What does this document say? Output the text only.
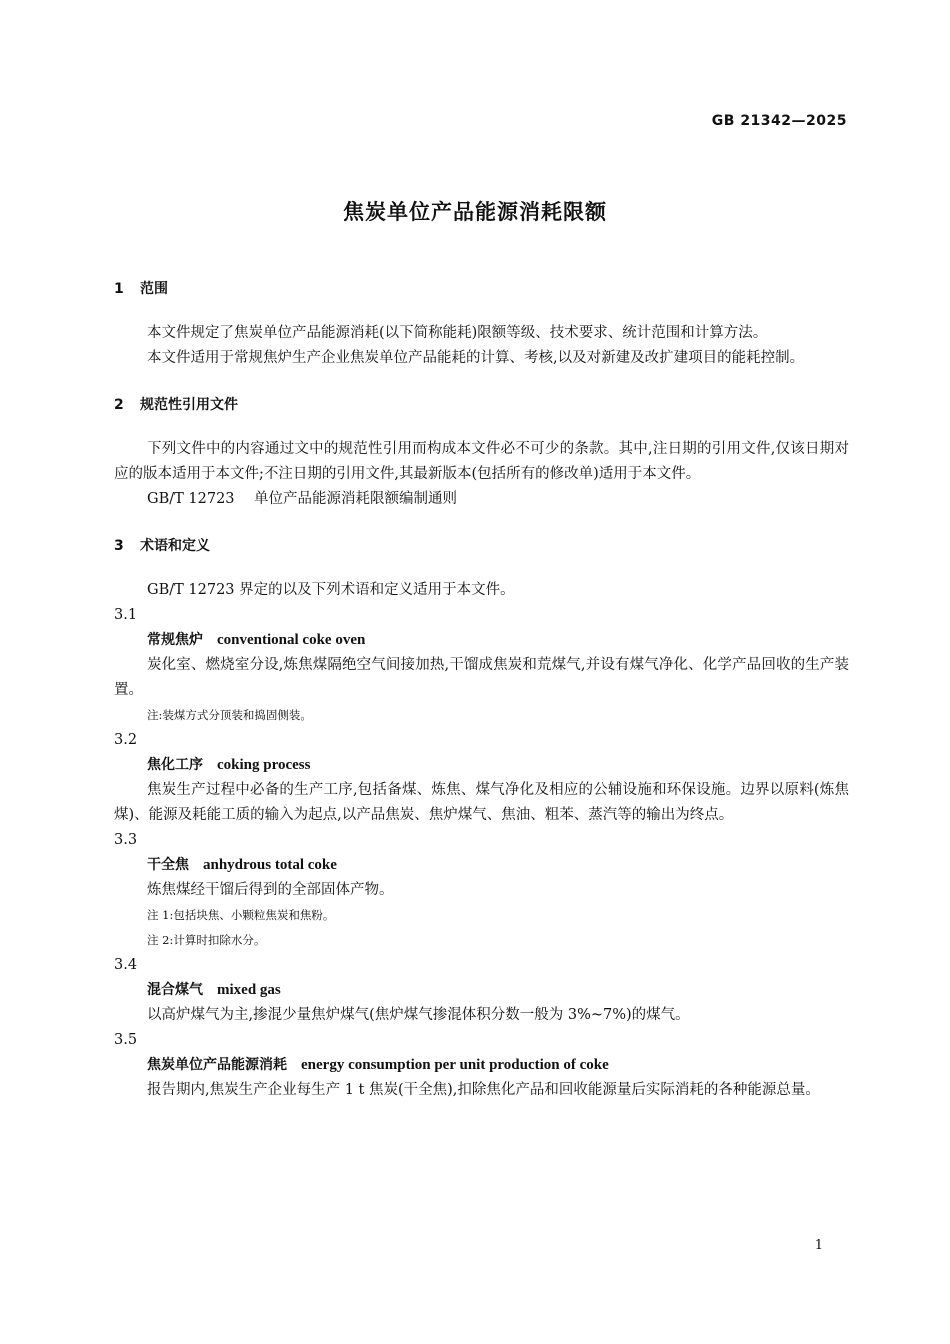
GB 21342—2025
焦炭单位产品能源消耗限额
1 范围

本文件规定了焦炭单位产品能源消耗(以下简称能耗)限额等级、技术要求、统计范围和计算方法。

本文件适用于常规焦炉生产企业焦炭单位产品能耗的计算、考核,以及对新建及改扩建项目的能耗控制。

2 规范性引用文件

下列文件中的内容通过文中的规范性引用而构成本文件必不可少的条款。其中,注日期的引用文件,仅该日期对应的版本适用于本文件;不注日期的引用文件,其最新版本(包括所有的修改单)适用于本文件。

GB/T 12723 单位产品能源消耗限额编制通则
3 术语和定义

GB/T 12723 界定的以及下列术语和定义适用于本文件。

3.1
常规焦炉 conventional coke oven

炭化室、燃烧室分设,炼焦煤隔绝空气间接加热,干馏成焦炭和荒煤气,并设有煤气净化、化学产品回收的生产装置。

注:装煤方式分顶装和捣固侧装。
3.2
焦化工序 coking process

焦炭生产过程中必备的生产工序,包括备煤、炼焦、煤气净化及相应的公辅设施和环保设施。边界以原料(炼焦煤)、能源及耗能工质的输入为起点,以产品焦炭、焦炉煤气、焦油、粗苯、蒸汽等的输出为终点。

3.3
干全焦 anhydrous total coke

炼焦煤经干馏后得到的全部固体产物。

注 1:包括块焦、小颗粒焦炭和焦粉。
注 2:计算时扣除水分。
3.4
混合煤气 mixed gas

以高炉煤气为主,掺混少量焦炉煤气(焦炉煤气掺混体积分数一般为 3%~7%)的煤气。

3.5
焦炭单位产品能源消耗 energy consumption per unit production of coke

报告期内,焦炭生产企业每生产 1 t 焦炭(干全焦),扣除焦化产品和回收能源量后实际消耗的各种能源总量。

1
